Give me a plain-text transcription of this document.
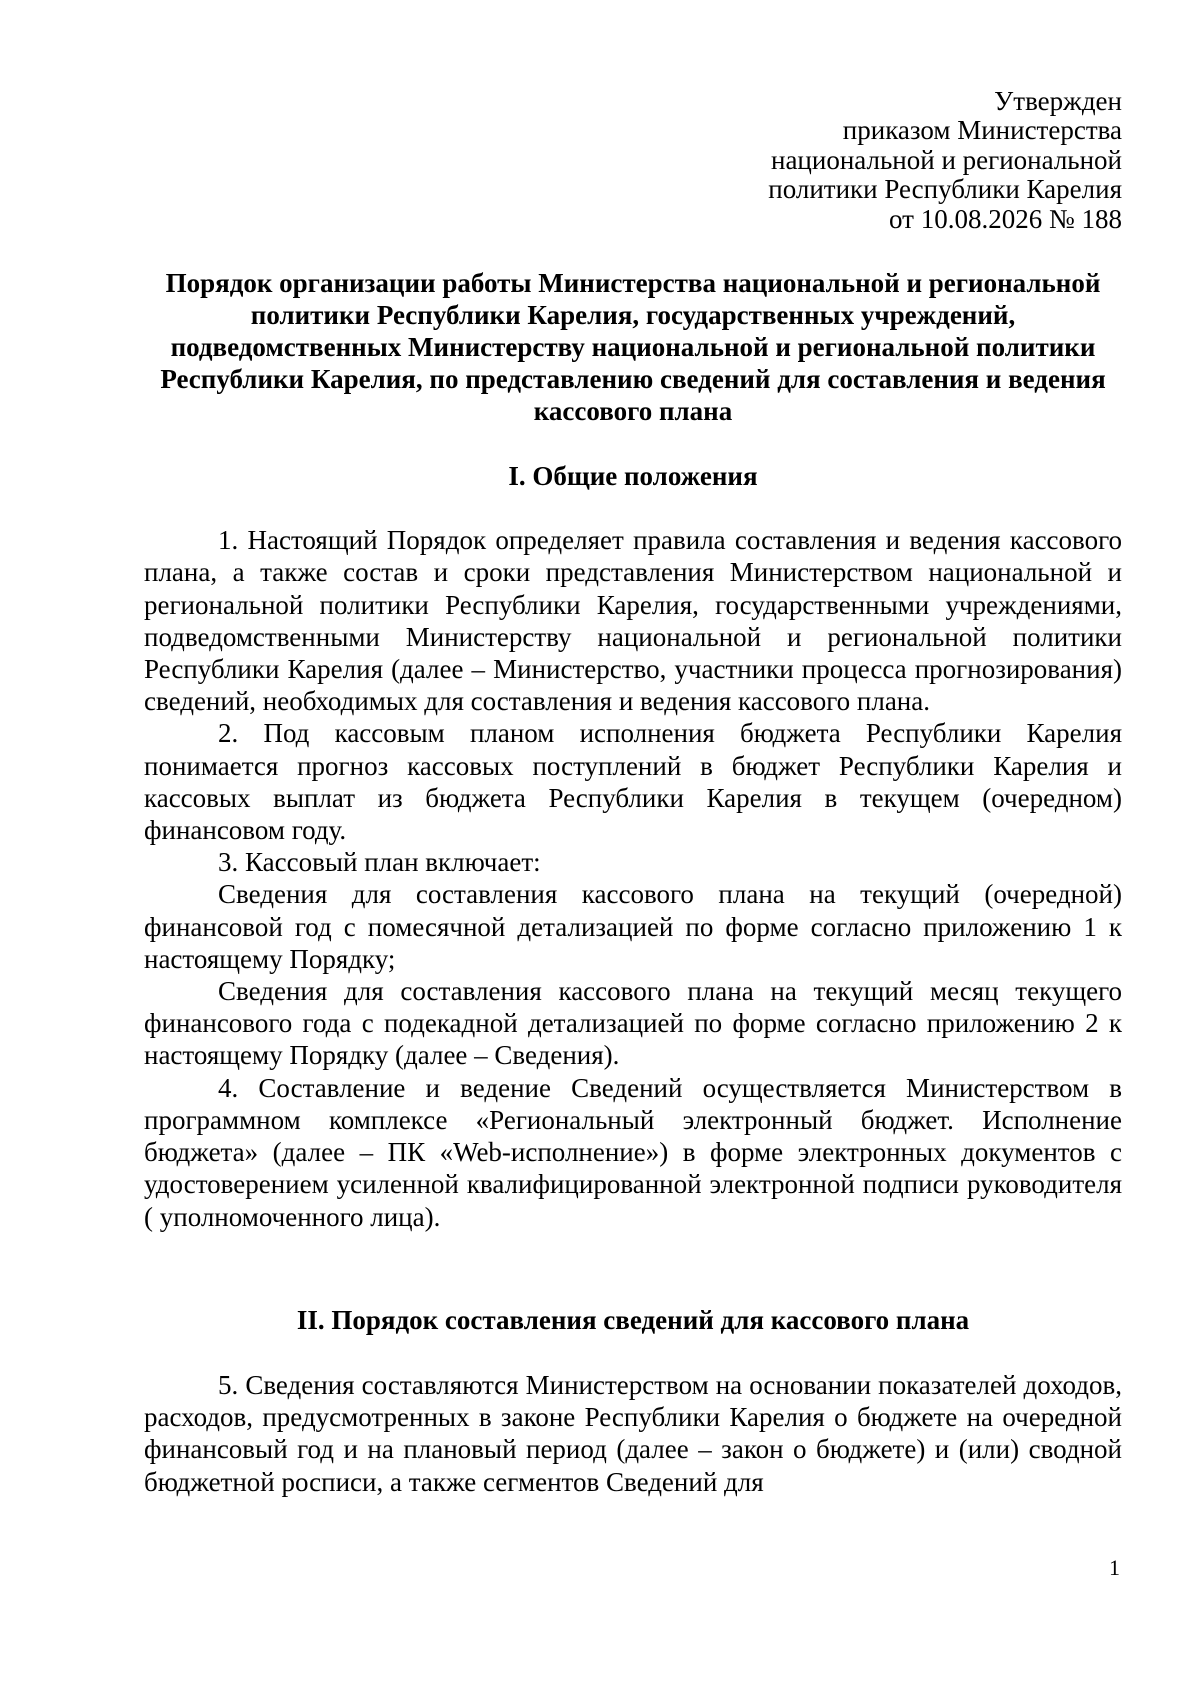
Утвержден
приказом Министерства
национальной и региональной
политики Республики Карелия
от 10.08.2026 № 188
Порядок организации работы Министерства национальной и региональной политики Республики Карелия, государственных учреждений, подведомственных Министерству национальной и региональной политики Республики Карелия, по представлению сведений для составления и ведения кассового плана
I. Общие положения

1. Настоящий Порядок определяет правила составления и ведения кассового плана, а также состав и сроки представления Министерством национальной и региональной политики Республики Карелия, государственными учреждениями, подведомственными Министерству национальной и региональной политики Республики Карелия (далее – Министерство, участники процесса прогнозирования) сведений, необходимых для составления и ведения кассового плана.

2. Под кассовым планом исполнения бюджета Республики Карелия понимается прогноз кассовых поступлений в бюджет Республики Карелия и кассовых выплат из бюджета Республики Карелия в текущем (очередном) финансовом году.

3. Кассовый план включает:

Сведения для составления кассового плана на текущий (очередной) финансовой год с помесячной детализацией по форме согласно приложению 1 к настоящему Порядку;

Сведения для составления кассового плана на текущий месяц текущего финансового года с подекадной детализацией по форме согласно приложению 2 к настоящему Порядку (далее – Сведения).

4. Составление и ведение Сведений осуществляется Министерством в программном комплексе «Региональный электронный бюджет. Исполнение бюджета» (далее – ПК «Web-исполнение») в форме электронных документов с удостоверением усиленной квалифицированной электронной подписи руководителя ( уполномоченного лица).

II. Порядок составления сведений для кассового плана

5. Сведения составляются Министерством на основании показателей доходов, расходов, предусмотренных в законе Республики Карелия о бюджете на очередной финансовый год и на плановый период (далее – закон о бюджете) и (или) сводной бюджетной росписи, а также сегментов Сведений для

1
